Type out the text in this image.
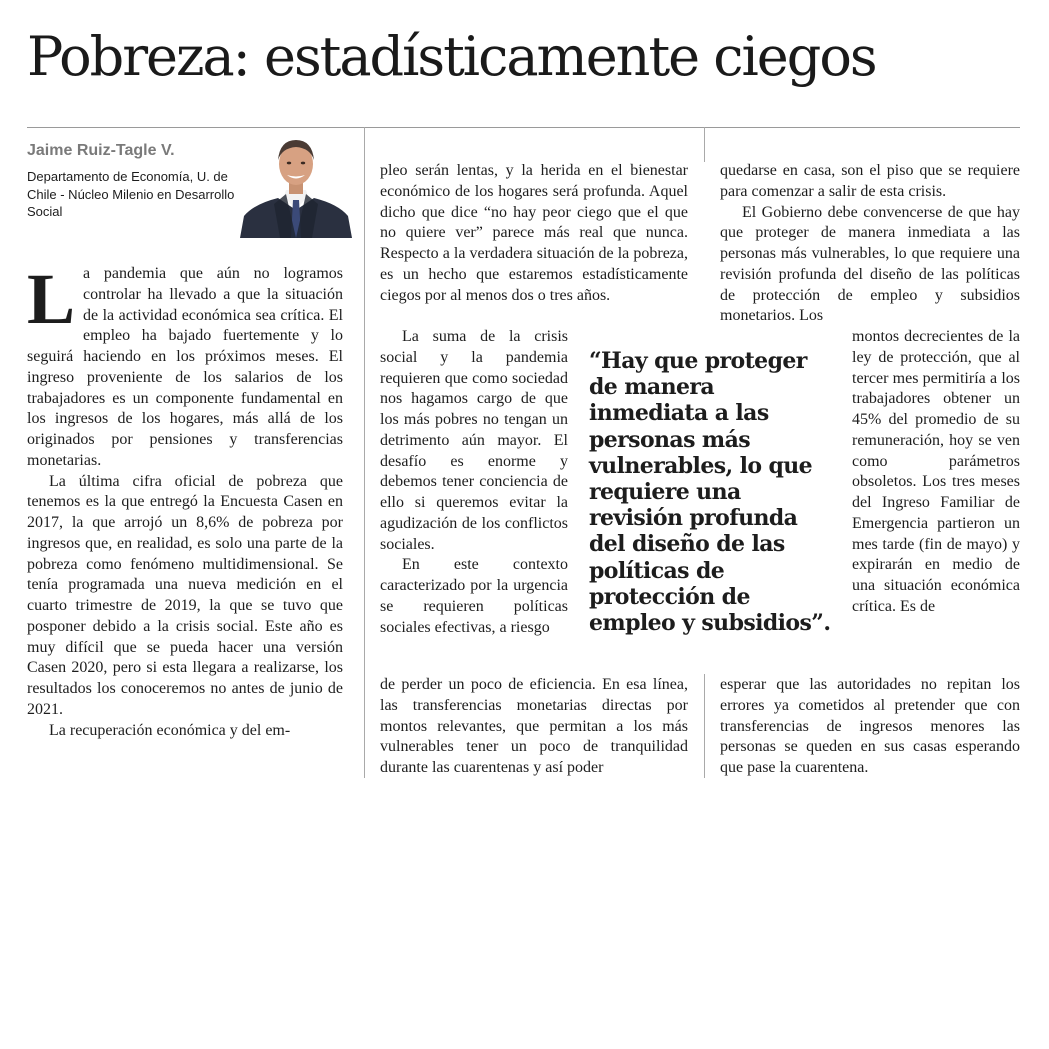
Pobreza: estadísticamente ciegos
Jaime Ruiz-Tagle V.
Departamento de Economía, U. de Chile - Núcleo Milenio en Desarrollo Social

La pandemia que aún no logramos controlar ha llevado a que la situación de la actividad económica sea crítica. El empleo ha bajado fuertemente y lo seguirá haciendo en los próximos meses. El ingreso proveniente de los salarios de los trabajadores es un componente fundamental en los ingresos de los hogares, más allá de los originados por pensiones y transferencias monetarias.

La última cifra oficial de pobreza que tenemos es la que entregó la Encuesta Casen en 2017, la que arrojó un 8,6% de pobreza por ingresos que, en realidad, es solo una parte de la pobreza como fenómeno multidimensional. Se tenía programada una nueva medición en el cuarto trimestre de 2019, la que se tuvo que posponer debido a la crisis social. Este año es muy difícil que se pueda hacer una versión Casen 2020, pero si esta llegara a realizarse, los resultados los conoceremos no antes de junio de 2021.

La recuperación económica y del em-

pleo serán lentas, y la herida en el bienestar económico de los hogares será profunda. Aquel dicho que dice “no hay peor ciego que el que no quiere ver” parece más real que nunca. Respecto a la verdadera situación de la pobreza, es un hecho que estaremos estadísticamente ciegos por al menos dos o tres años.

La suma de la crisis social y la pandemia requieren que como sociedad nos hagamos cargo de que los más pobres no tengan un detrimento aún mayor. El desafío es enorme y debemos tener conciencia de ello si queremos evitar la agudización de los conflictos sociales.

En este contexto caracterizado por la urgencia se requieren políticas sociales efectivas, a riesgo

de perder un poco de eficiencia. En esa línea, las transferencias monetarias directas por montos relevantes, que permitan a los más vulnerables tener un poco de tranquilidad durante las cuarentenas y así poder

quedarse en casa, son el piso que se requiere para comenzar a salir de esta crisis.

El Gobierno debe convencerse de que hay que proteger de manera inmediata a las personas más vulnerables, lo que requiere una revisión profunda del diseño de las políticas de protección de empleo y subsidios monetarios. Los

montos decrecientes de la ley de protección, que al tercer mes permitiría a los trabajadores obtener un 45% del promedio de su remuneración, hoy se ven como parámetros obsoletos. Los tres meses del Ingreso Familiar de Emergencia partieron un mes tarde (fin de mayo) y expirarán en medio de una situación económica crítica. Es de

esperar que las autoridades no repitan los errores ya cometidos al pretender que con transferencias de ingresos menores las personas se queden en sus casas esperando que pase la cuarentena.

“Hay que proteger de manera inmediata a las personas más vulnerables, lo que requiere una revisión profunda del diseño de las políticas de protección de empleo y subsidios”.
